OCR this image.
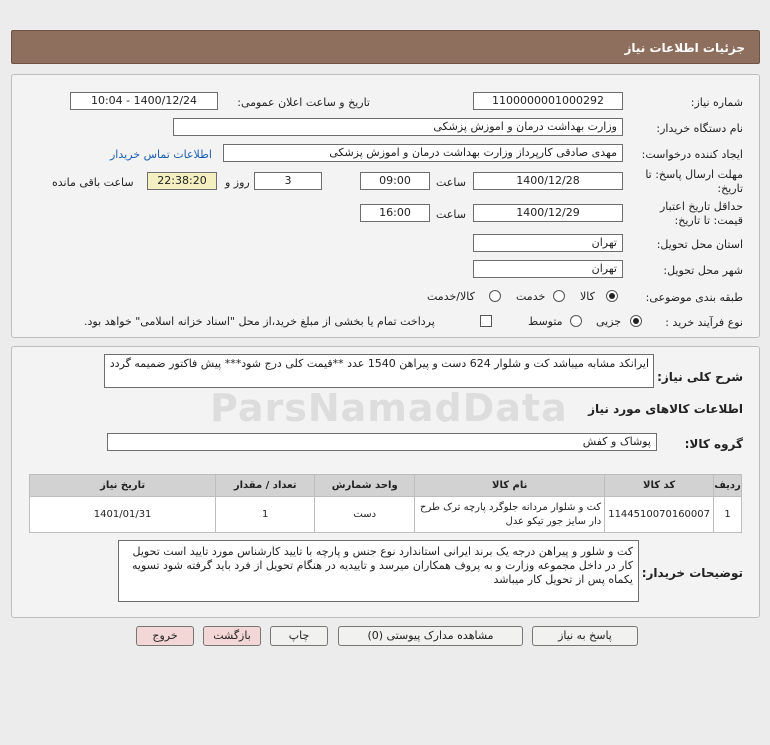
جزئیات اطلاعات نیاز
شماره نیاز:
1100000001000292
تاریخ و ساعت اعلان عمومی:
1400/12/24 - 10:04
نام دستگاه خریدار:
وزارت بهداشت درمان و اموزش پزشکی
ایجاد کننده درخواست:
مهدی صادقی کارپرداز وزارت بهداشت درمان و اموزش پزشکی
اطلاعات تماس خریدار
مهلت ارسال پاسخ: تا
تاریخ:
1400/12/28
ساعت
09:00
3
روز و
22:38:20
ساعت باقی مانده
حداقل تاریخ اعتبار
قیمت: تا تاریخ:
1400/12/29
ساعت
16:00
استان محل تحویل:
تهران
شهر محل تحویل:
تهران
طبقه بندی موضوعی:
کالا
خدمت
کالا/خدمت
نوع فرآیند خرید :
جزیی
متوسط
پرداخت تمام یا بخشی از مبلغ خرید،از محل "اسناد خزانه اسلامی" خواهد بود.
شرح کلی نیاز:
ایرانکد مشابه میباشد کت و شلوار 624 دست و پیراهن 1540 عدد **قیمت کلی درج شود*** پیش فاکتور ضمیمه گردد
اطلاعات کالاهای مورد نیاز
گروه کالا:
پوشاک و کفش
ردیف	کد کالا	نام کالا	واحد شمارش	تعداد / مقدار	تاریخ نیاز
1	1144510070160007	کت و شلوار مردانه جلوگرد پارچه ترک طرح دار سایز جور تیکو عدل	دست	1	1401/01/31
توضیحات خریدار:
کت و شلور و پیراهن درجه یک برند ایرانی استاندارد نوع جنس و پارچه با تایید کارشناس مورد تایید است تحویل کار در داخل مجموعه وزارت و به پروف همکاران میرسد و تاییدیه در هنگام تحویل از فرد باید گرفته شود تسویه یکماه پس از تحویل کار میباشد
پاسخ به نیاز
مشاهده مدارک پیوستی (0)
چاپ
بازگشت
خروج
